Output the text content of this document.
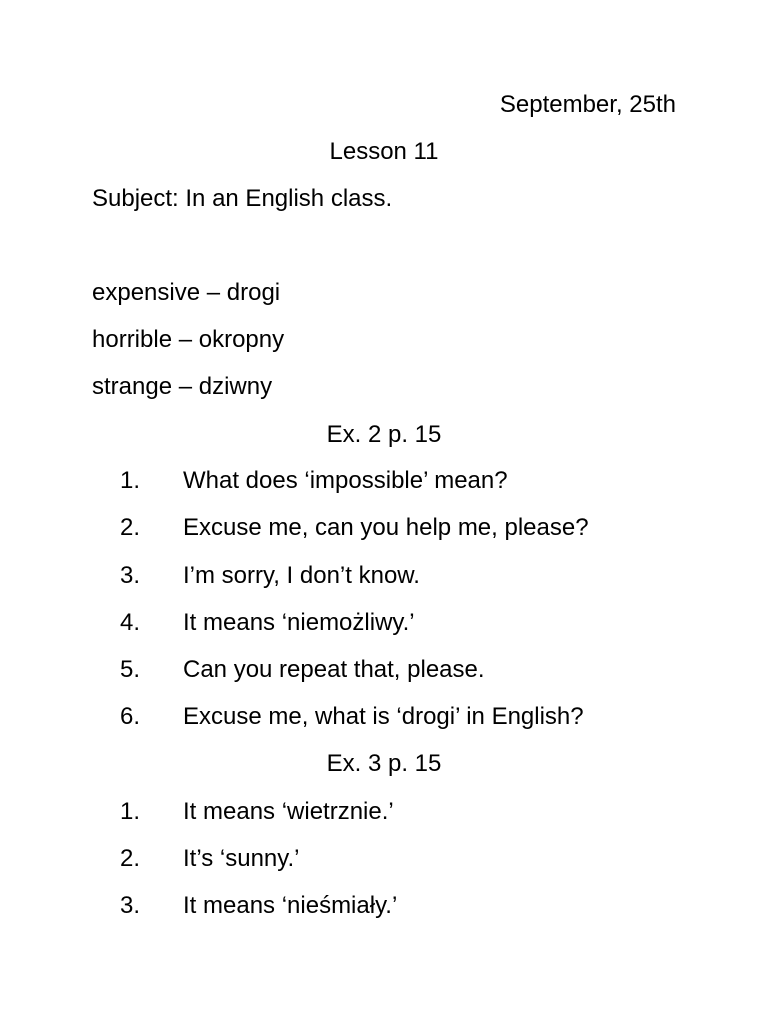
September, 25th
Lesson 11
Subject: In an English class.
expensive – drogi
horrible – okropny
strange – dziwny
Ex. 2 p. 15
1. What does ‘impossible’ mean?
2. Excuse me, can you help me, please?
3. I’m sorry, I don’t know.
4. It means ‘niemożliwy.’
5. Can you repeat that, please.
6. Excuse me, what is ‘drogi’ in English?
Ex. 3 p. 15
1. It means ‘wietrznie.’
2. It’s ‘sunny.’
3. It means ‘nieśmiały.’
